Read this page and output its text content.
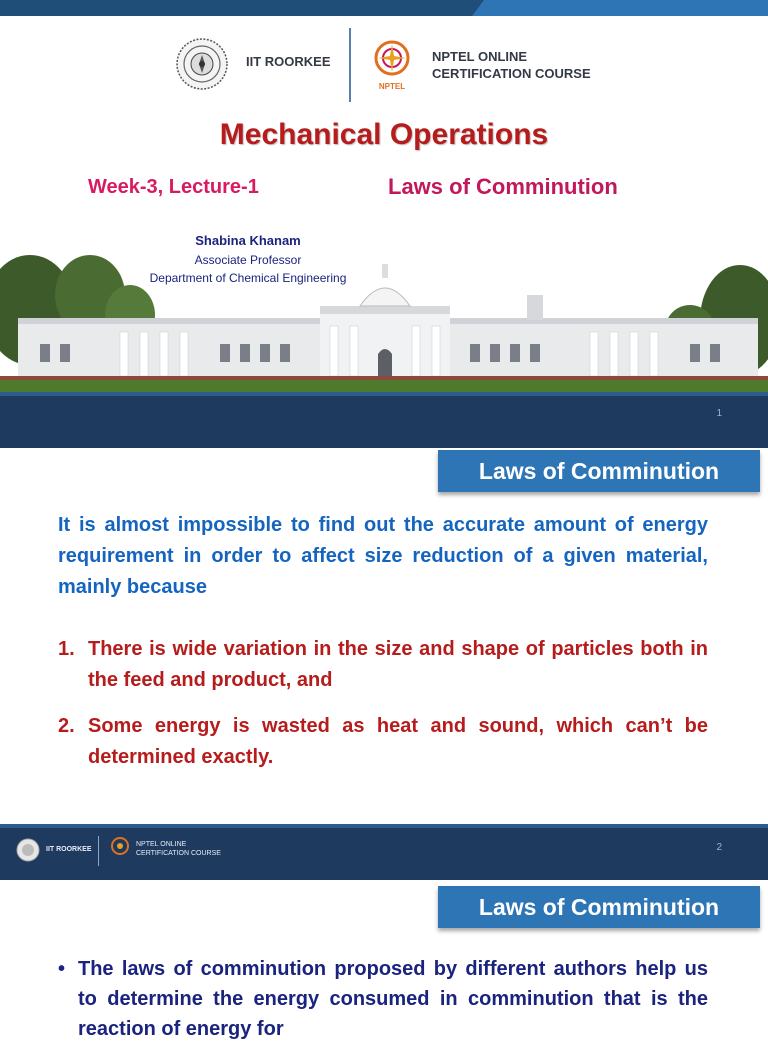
IIT ROORKEE
NPTEL
NPTEL ONLINE
CERTIFICATION COURSE
Mechanical Operations
Week-3, Lecture-1	Laws of Comminution
Shabina Khanam
Associate Professor
Department of Chemical Engineering
1
Laws of Comminution
It is almost impossible to find out the accurate amount of energy requirement in order to affect size reduction of a given material, mainly because
1. There is wide variation in the size and shape of particles both in the feed and product, and
2. Some energy is wasted as heat and sound, which can’t be determined exactly.
IIT ROORKEE
NPTEL ONLINE
CERTIFICATION COURSE
2
Laws of Comminution
• The laws of comminution proposed by different authors help us to determine the energy consumed in comminution that is the reaction of energy for
